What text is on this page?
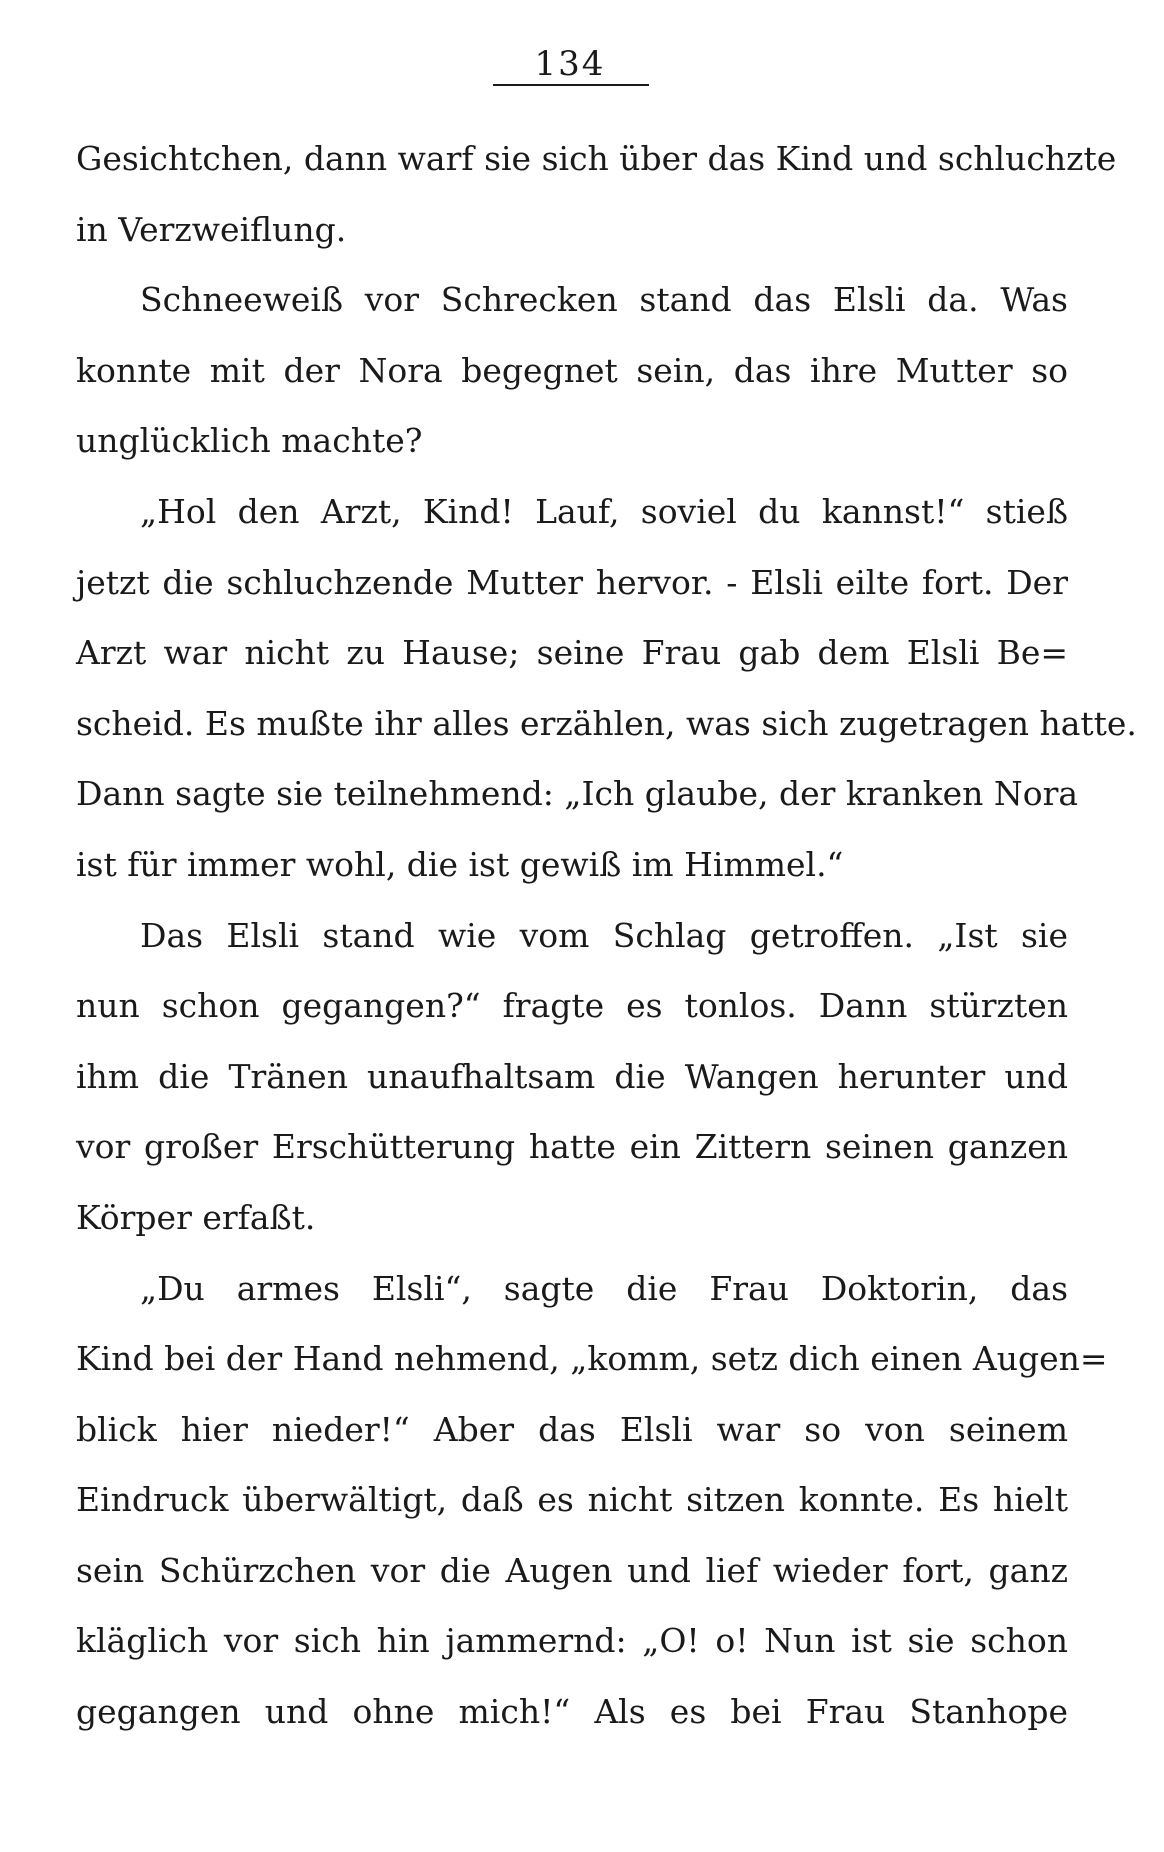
134
Gesichtchen, dann warf sie sich über das Kind und schluchzte
in Verzweiflung.
Schneeweiß vor Schrecken stand das Elsli da. Was
konnte mit der Nora begegnet sein, das ihre Mutter so
unglücklich machte?
„Hol den Arzt, Kind! Lauf, soviel du kannst!“ stieß
jetzt die schluchzende Mutter hervor. - Elsli eilte fort. Der
Arzt war nicht zu Hause; seine Frau gab dem Elsli Be=
scheid. Es mußte ihr alles erzählen, was sich zugetragen hatte.
Dann sagte sie teilnehmend: „Ich glaube, der kranken Nora
ist für immer wohl, die ist gewiß im Himmel.“
Das Elsli stand wie vom Schlag getroffen. „Ist sie
nun schon gegangen?“ fragte es tonlos. Dann stürzten
ihm die Tränen unaufhaltsam die Wangen herunter und
vor großer Erschütterung hatte ein Zittern seinen ganzen
Körper erfaßt.
„Du armes Elsli“, sagte die Frau Doktorin, das
Kind bei der Hand nehmend, „komm, setz dich einen Augen=
blick hier nieder!“ Aber das Elsli war so von seinem
Eindruck überwältigt, daß es nicht sitzen konnte. Es hielt
sein Schürzchen vor die Augen und lief wieder fort, ganz
kläglich vor sich hin jammernd: „O! o! Nun ist sie schon
gegangen und ohne mich!“ Als es bei Frau Stanhope
